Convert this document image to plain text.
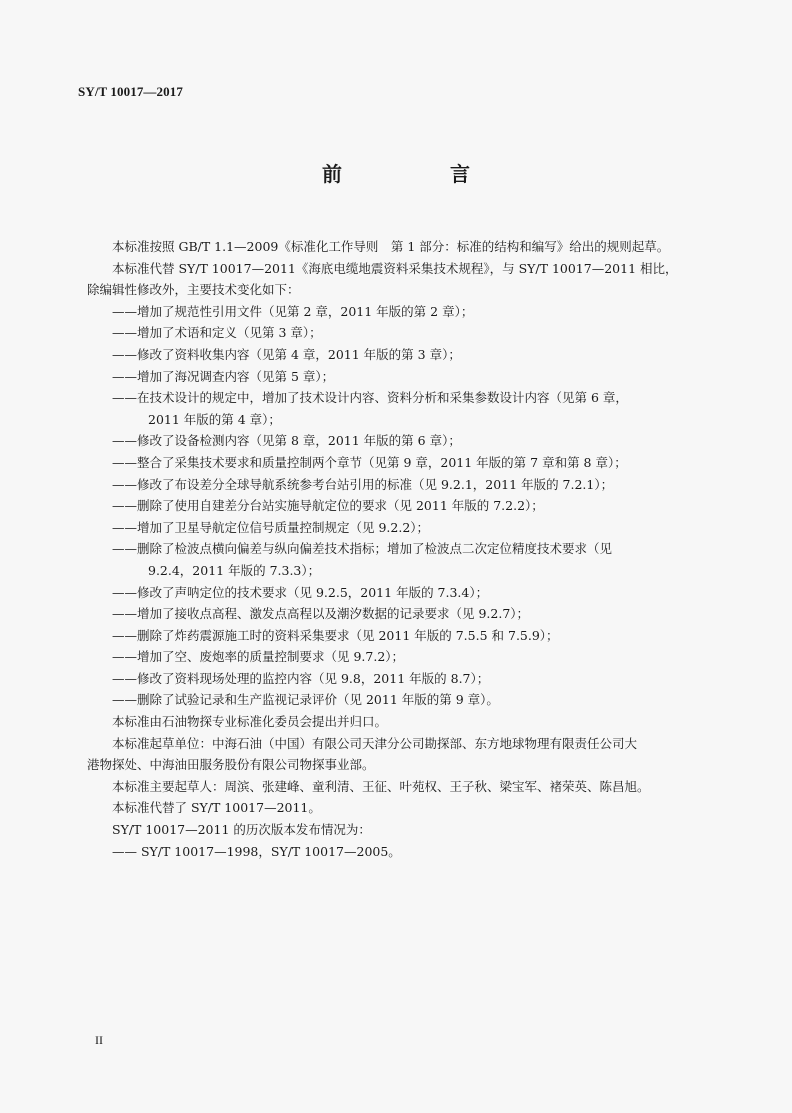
SY/T 10017—2017
前　言

本标准按照 GB/T 1.1—2009《标准化工作导则　第 1 部分：标准的结构和编写》给出的规则起草。

本标准代替 SY/T 10017—2011《海底电缆地震资料采集技术规程》，与 SY/T 10017—2011 相比，

除编辑性修改外，主要技术变化如下：

——增加了规范性引用文件（见第 2 章，2011 年版的第 2 章）；

——增加了术语和定义（见第 3 章）；

——修改了资料收集内容（见第 4 章，2011 年版的第 3 章）；

——增加了海况调查内容（见第 5 章）；

——在技术设计的规定中，增加了技术设计内容、资料分析和采集参数设计内容（见第 6 章，

2011 年版的第 4 章）；

——修改了设备检测内容（见第 8 章，2011 年版的第 6 章）；

——整合了采集技术要求和质量控制两个章节（见第 9 章，2011 年版的第 7 章和第 8 章）；

——修改了布设差分全球导航系统参考台站引用的标准（见 9.2.1，2011 年版的 7.2.1）；

——删除了使用自建差分台站实施导航定位的要求（见 2011 年版的 7.2.2）；

——增加了卫星导航定位信号质量控制规定（见 9.2.2）；

——删除了检波点横向偏差与纵向偏差技术指标；增加了检波点二次定位精度技术要求（见

9.2.4，2011 年版的 7.3.3）；

——修改了声呐定位的技术要求（见 9.2.5，2011 年版的 7.3.4）；

——增加了接收点高程、激发点高程以及潮汐数据的记录要求（见 9.2.7）；

——删除了炸药震源施工时的资料采集要求（见 2011 年版的 7.5.5 和 7.5.9）；

——增加了空、废炮率的质量控制要求（见 9.7.2）；

——修改了资料现场处理的监控内容（见 9.8，2011 年版的 8.7）；

——删除了试验记录和生产监视记录评价（见 2011 年版的第 9 章）。

本标准由石油物探专业标准化委员会提出并归口。

本标准起草单位：中海石油（中国）有限公司天津分公司勘探部、东方地球物理有限责任公司大

港物探处、中海油田服务股份有限公司物探事业部。

本标准主要起草人：周滨、张建峰、童利清、王征、叶苑权、王子秋、梁宝军、褚荣英、陈昌旭。

本标准代替了 SY/T 10017—2011。

SY/T 10017—2011 的历次版本发布情况为：

—— SY/T 10017—1998，SY/T 10017—2005。

II
